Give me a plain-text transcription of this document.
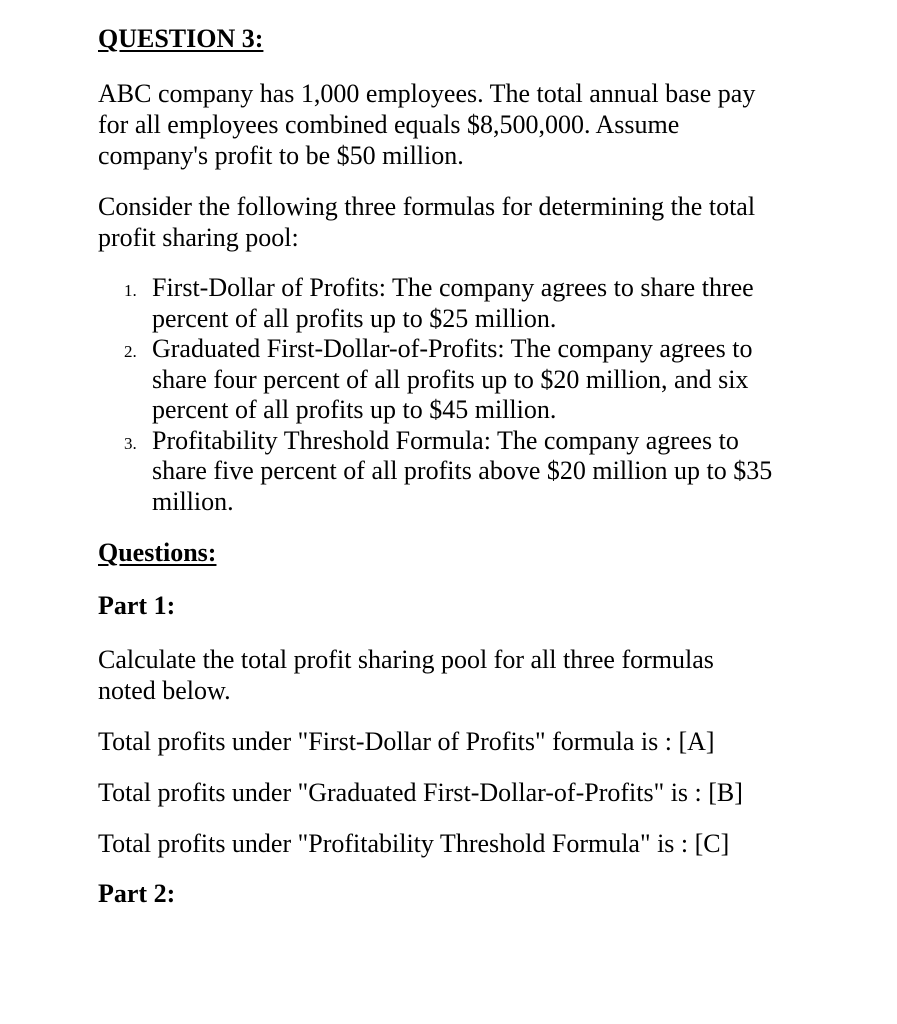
QUESTION 3:
ABC company has 1,000 employees. The total annual base pay
for all employees combined equals $8,500,000. Assume
company's profit to be $50 million.
Consider the following three formulas for determining the total
profit sharing pool:
1. First-Dollar of Profits: The company agrees to share three
percent of all profits up to $25 million.
2. Graduated First-Dollar-of-Profits: The company agrees to
share four percent of all profits up to $20 million, and six
percent of all profits up to $45 million.
3. Profitability Threshold Formula: The company agrees to
share five percent of all profits above $20 million up to $35
million.
Questions:
Part 1:
Calculate the total profit sharing pool for all three formulas
noted below.
Total profits under "First-Dollar of Profits" formula is : [A]
Total profits under "Graduated First-Dollar-of-Profits" is : [B]
Total profits under "Profitability Threshold Formula" is : [C]
Part 2:
